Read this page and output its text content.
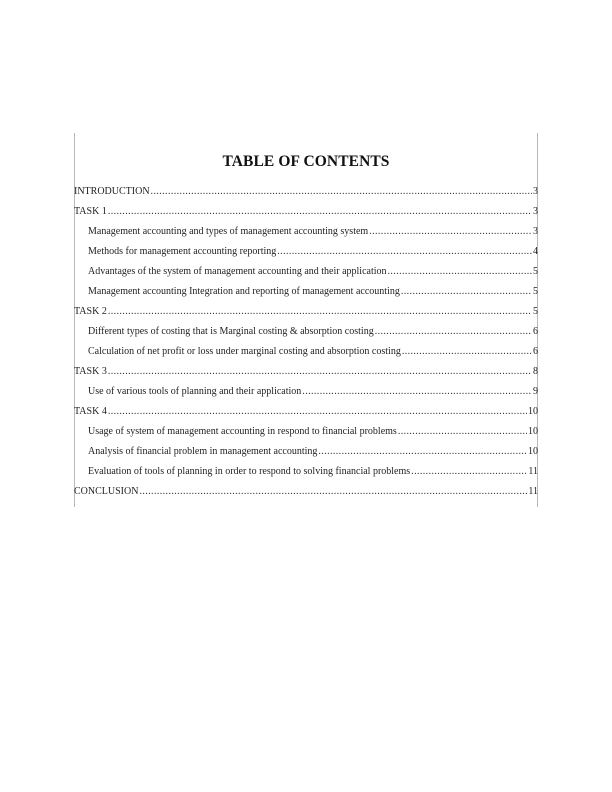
TABLE OF CONTENTS
INTRODUCTION .....	3
TASK 1 .....	3
Management accounting and types of management accounting system .....	3
Methods for management accounting reporting .....	4
Advantages of the system of management accounting and their application .....	5
Management accounting Integration and reporting of management accounting .....	5
TASK 2 .....	5
Different types of costing that is Marginal costing & absorption costing .....	6
Calculation of net profit or loss under marginal costing and absorption costing .....	6
TASK 3 .....	8
Use of various tools of planning and their application .....	9
TASK 4 .....	10
Usage of system of management accounting in respond to financial problems .....	10
Analysis of financial problem in management accounting .....	10
Evaluation of tools of planning in order to respond to solving financial problems .....	11
CONCLUSION .....	11
